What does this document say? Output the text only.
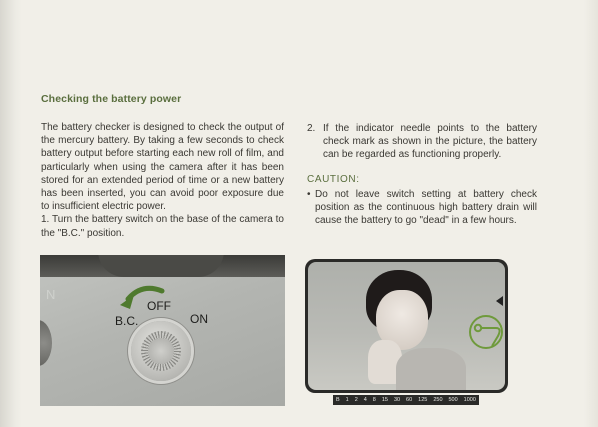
Checking the battery power

The battery checker is designed to check the output of the mercury battery. By taking a few seconds to check battery output before starting each new roll of film, and particularly when using the camera after it has been stored for an extended period of time or a new battery has been inserted, you can avoid poor exposure due to insufficient electric power.

1. Turn the battery switch on the base of the camera to the "B.C." position.

2. If the indicator needle points to the battery check mark as shown in the picture, the battery can be regarded as functioning properly.
CAUTION:
• Do not leave switch setting at battery check position as the continuous high battery drain will cause the battery to go "dead" in a few hours.
N
OFF
B.C.	ON
B 1 2 4 8 15 30 60 125 250 500 1000
